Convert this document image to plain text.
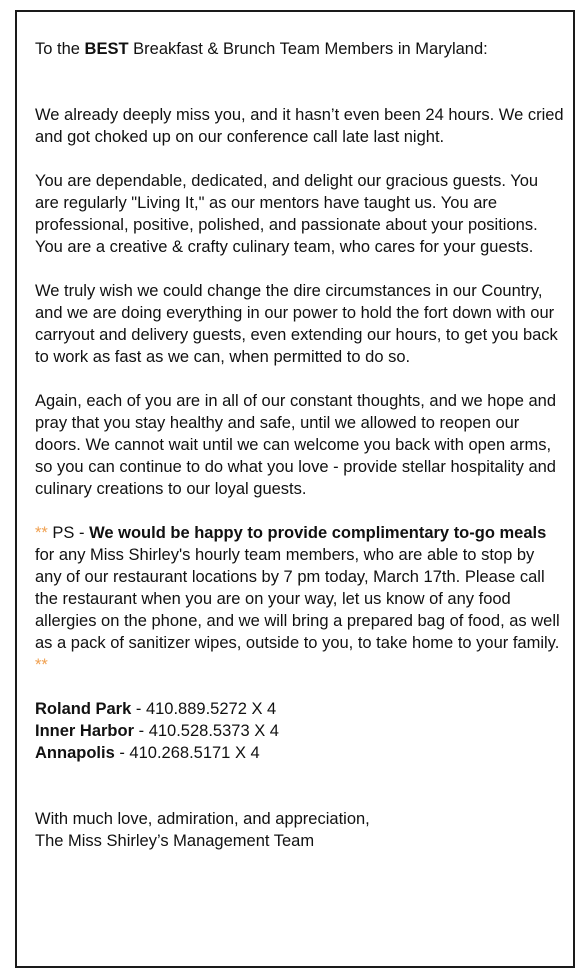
To the BEST Breakfast & Brunch Team Members in Maryland:

We already deeply miss you, and it hasn’t even been 24 hours. We cried and got choked up on our conference call late last night.

You are dependable, dedicated, and delight our gracious guests. You are regularly "Living It," as our mentors have taught us. You are professional, positive, polished, and passionate about your positions. You are a creative & crafty culinary team, who cares for your guests.

We truly wish we could change the dire circumstances in our Country, and we are doing everything in our power to hold the fort down with our carryout and delivery guests, even extending our hours, to get you back to work as fast as we can, when permitted to do so.

Again, each of you are in all of our constant thoughts, and we hope and pray that you stay healthy and safe, until we allowed to reopen our doors. We cannot wait until we can welcome you back with open arms, so you can continue to do what you love - provide stellar hospitality and culinary creations to our loyal guests.

** PS - We would be happy to provide complimentary to-go meals for any Miss Shirley's hourly team members, who are able to stop by any of our restaurant locations by 7 pm today, March 17th. Please call the restaurant when you are on your way, let us know of any food allergies on the phone, and we will bring a prepared bag of food, as well as a pack of sanitizer wipes, outside to you, to take home to your family. **

Roland Park - 410.889.5272 X 4

Inner Harbor - 410.528.5373 X 4

Annapolis - 410.268.5171 X 4

With much love, admiration, and appreciation,

The Miss Shirley’s Management Team
